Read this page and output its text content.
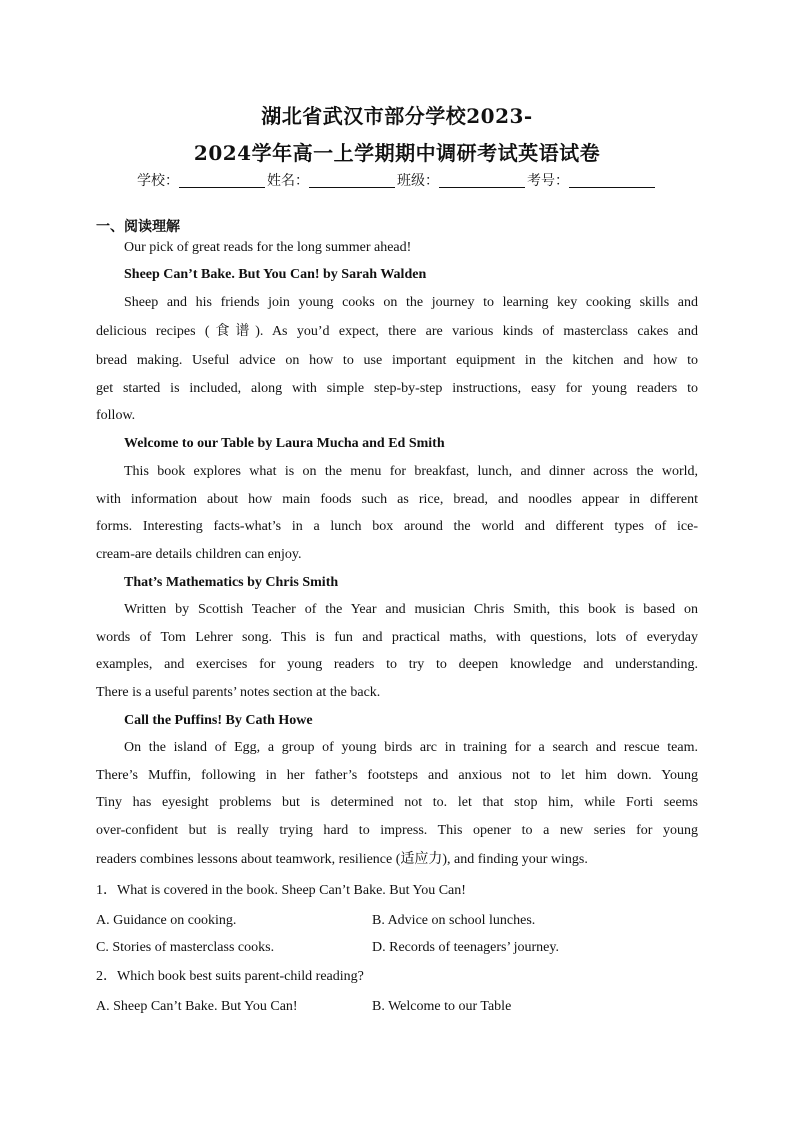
湖北省武汉市部分学校2023-
2024学年高一上学期期中调研考试英语试卷
学校：	姓名：	班级：	考号：
一、阅读理解
Our pick of great reads for the long summer ahead!
Sheep Can’t Bake. But You Can! by Sarah Walden
Sheep and his friends join young cooks on the journey to learning key cooking skills and
delicious recipes (食谱). As you’d expect, there are various kinds of masterclass cakes and
bread making. Useful advice on how to use important equipment in the kitchen and how to
get started is included, along with simple step-by-step instructions, easy for young readers to
follow.
Welcome to our Table by Laura Mucha and Ed Smith
This book explores what is on the menu for breakfast, lunch, and dinner across the world,
with information about how main foods such as rice, bread, and noodles appear in different
forms. Interesting facts-what’s in a lunch box around the world and different types of ice-
cream-are details children can enjoy.
That’s Mathematics by Chris Smith
Written by Scottish Teacher of the Year and musician Chris Smith, this book is based on
words of Tom Lehrer song. This is fun and practical maths, with questions, lots of everyday
examples, and exercises for young readers to try to deepen knowledge and understanding.
There is a useful parents’ notes section at the back.
Call the Puffins! By Cath Howe
On the island of Egg, a group of young birds arc in training for a search and rescue team.
There’s Muffin, following in her father’s footsteps and anxious not to let him down. Young
Tiny has eyesight problems but is determined not to. let that stop him, while Forti seems
over-confident but is really trying hard to impress. This opener to a new series for young
readers combines lessons about teamwork, resilience (适应力), and finding your wings.
1．What is covered in the book. Sheep Can’t Bake. But You Can!
A. Guidance on cooking.	B. Advice on school lunches.
C. Stories of masterclass cooks.	D. Records of teenagers’ journey.
2．Which book best suits parent-child reading?
A. Sheep Can’t Bake. But You Can!	B. Welcome to our Table
